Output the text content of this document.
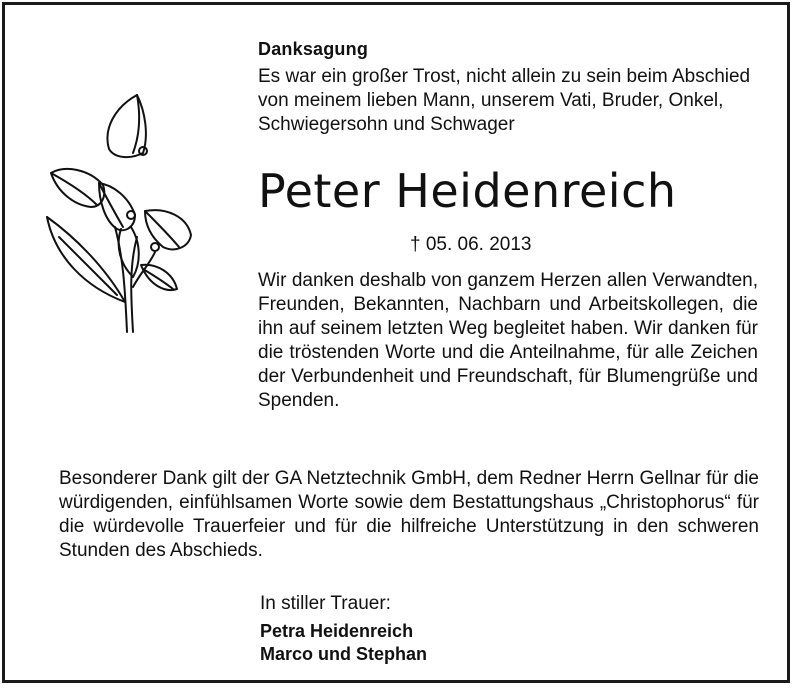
Danksagung
Es war ein großer Trost, nicht allein zu sein beim Abschied von meinem lieben Mann, unserem Vati, Bruder, Onkel, Schwiegersohn und Schwager
Peter Heidenreich
† 05. 06. 2013
Wir danken deshalb von ganzem Herzen allen Verwandten, Freunden, Bekannten, Nachbarn und Arbeitskollegen, die ihn auf seinem letzten Weg begleitet haben. Wir danken für die tröstenden Worte und die Anteilnahme, für alle Zeichen der Verbundenheit und Freundschaft, für Blumengrüße und Spenden.
Besonderer Dank gilt der GA Netztechnik GmbH, dem Redner Herrn Gellnar für die würdigenden, einfühlsamen Worte sowie dem Bestattungshaus „Christophorus“ für die würdevolle Trauerfeier und für die hilfreiche Unterstützung in den schweren Stunden des Abschieds.
In stiller Trauer:
Petra Heidenreich
Marco und Stephan
